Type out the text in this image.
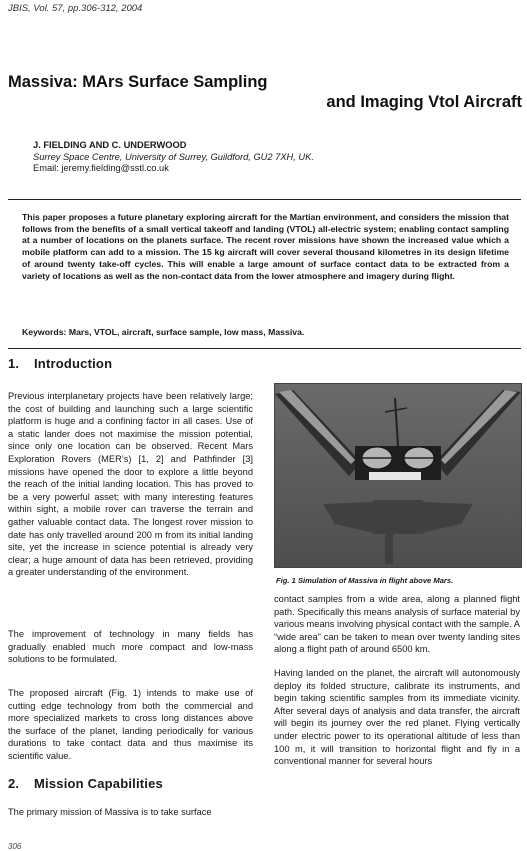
JBIS, Vol. 57, pp.306-312, 2004
Massiva: MArs Surface Sampling
and Imaging Vtol Aircraft
J. FIELDING AND C. UNDERWOOD
Surrey Space Centre, University of Surrey, Guildford, GU2 7XH, UK.
Email: jeremy.fielding@sstl.co.uk

This paper proposes a future planetary exploring aircraft for the Martian environment, and considers the mission that follows from the benefits of a small vertical takeoff and landing (VTOL) all-electric system; enabling contact sampling at a number of locations on the planets surface. The recent rover missions have shown the increased value which a mobile platform can add to a mission. The 15 kg aircraft will cover several thousand kilometres in its design lifetime of around twenty take-off cycles. This will enable a large amount of surface contact data to be extracted from a variety of locations as well as the non-contact data from the lower atmosphere and imagery during flight.

Keywords: Mars, VTOL, aircraft, surface sample, low mass, Massiva.
1. Introduction

Previous interplanetary projects have been relatively large; the cost of building and launching such a large scientific platform is huge and a confining factor in all cases. Use of a static lander does not maximise the mission potential, since only one location can be observed. Recent Mars Exploration Rovers (MER’s) [1, 2] and Pathfinder [3] missions have opened the door to explore a little beyond the reach of the initial landing location. This has proved to be a very powerful asset; with many interesting features within sight, a mobile rover can traverse the terrain and gather valuable contact data. The longest rover mission to date has only travelled around 200 m from its initial landing site, yet the increase in science potential is already very clear; a huge amount of data has been retrieved, providing a greater understanding of the environment.

The improvement of technology in many fields has gradually enabled much more compact and low-mass solutions to be formulated.

The proposed aircraft (Fig. 1) intends to make use of cutting edge technology from both the commercial and more specialized markets to cross long distances above the surface of the planet, landing periodically for various durations to take contact data and thus maximise its scientific value.

2. Mission Capabilities

The primary mission of Massiva is to take surface

Fig. 1 Simulation of Massiva in flight above Mars.

contact samples from a wide area, along a planned flight path. Specifically this means analysis of surface material by various means involving physical contact with the sample. A “wide area” can be taken to mean over twenty landing sites along a flight path of around 6500 km.

Having landed on the planet, the aircraft will autonomously deploy its folded structure, calibrate its instruments, and begin taking scientific samples from its immediate vicinity. After several days of analysis and data transfer, the aircraft will begin its journey over the red planet. Flying vertically under electric power to its operational altitude of less than 100 m, it will transition to horizontal flight and fly in a conventional manner for several hours

306
